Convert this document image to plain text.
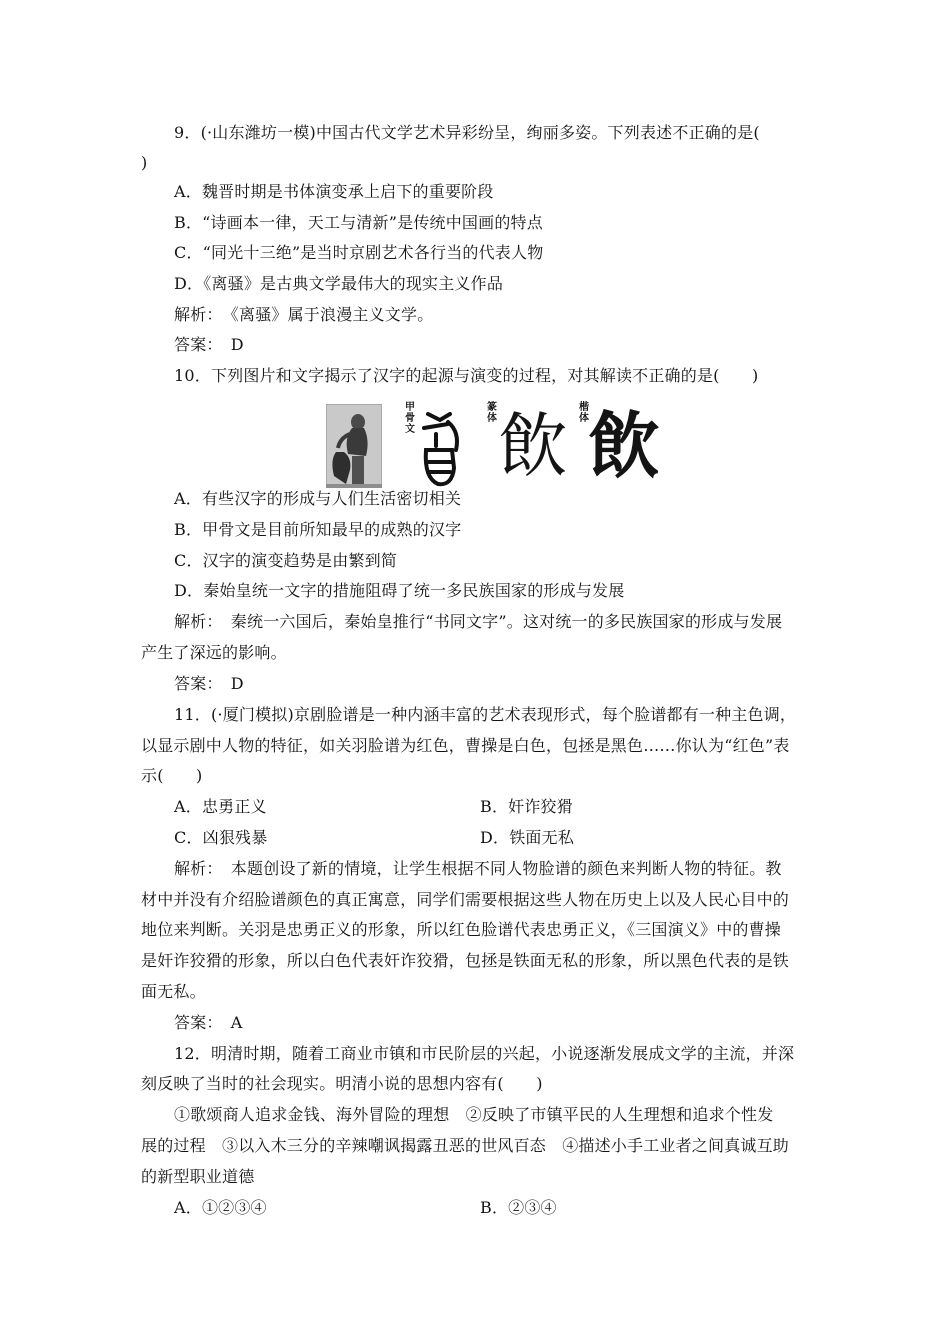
9．(·山东潍坊一模)中国古代文学艺术异彩纷呈，绚丽多姿。下列表述不正确的是(
)
A．魏晋时期是书体演变承上启下的重要阶段
B．“诗画本一律，天工与清新”是传统中国画的特点
C．“同光十三绝”是当时京剧艺术各行当的代表人物
D．《离骚》是古典文学最伟大的现实主义作品
解析：　《离骚》属于浪漫主义文学。
答案：　D
10．下列图片和文字揭示了汉字的起源与演变的过程，对其解读不正确的是(　　)
甲骨文
篆体 飲 楷体 飲
A．有些汉字的形成与人们生活密切相关
B．甲骨文是目前所知最早的成熟的汉字
C．汉字的演变趋势是由繁到简
D．秦始皇统一文字的措施阻碍了统一多民族国家的形成与发展
解析：　秦统一六国后，秦始皇推行“书同文字”。这对统一的多民族国家的形成与发展
产生了深远的影响。
答案：　D
11．(·厦门模拟)京剧脸谱是一种内涵丰富的艺术表现形式，每个脸谱都有一种主色调，
以显示剧中人物的特征，如关羽脸谱为红色，曹操是白色，包拯是黑色……你认为“红色”表
示(　　)
A．忠勇正义	B．奸诈狡猾
C．凶狠残暴	D．铁面无私
解析：　本题创设了新的情境，让学生根据不同人物脸谱的颜色来判断人物的特征。教
材中并没有介绍脸谱颜色的真正寓意，同学们需要根据这些人物在历史上以及人民心目中的
地位来判断。关羽是忠勇正义的形象，所以红色脸谱代表忠勇正义，《三国演义》中的曹操
是奸诈狡猾的形象，所以白色代表奸诈狡猾，包拯是铁面无私的形象，所以黑色代表的是铁
面无私。
答案：　A
12．明清时期，随着工商业市镇和市民阶层的兴起，小说逐渐发展成文学的主流，并深
刻反映了当时的社会现实。明清小说的思想内容有(　　)
①歌颂商人追求金钱、海外冒险的理想　②反映了市镇平民的人生理想和追求个性发
展的过程　③以入木三分的辛辣嘲讽揭露丑恶的世风百态　④描述小手工业者之间真诚互助
的新型职业道德
A．①②③④	B．②③④
